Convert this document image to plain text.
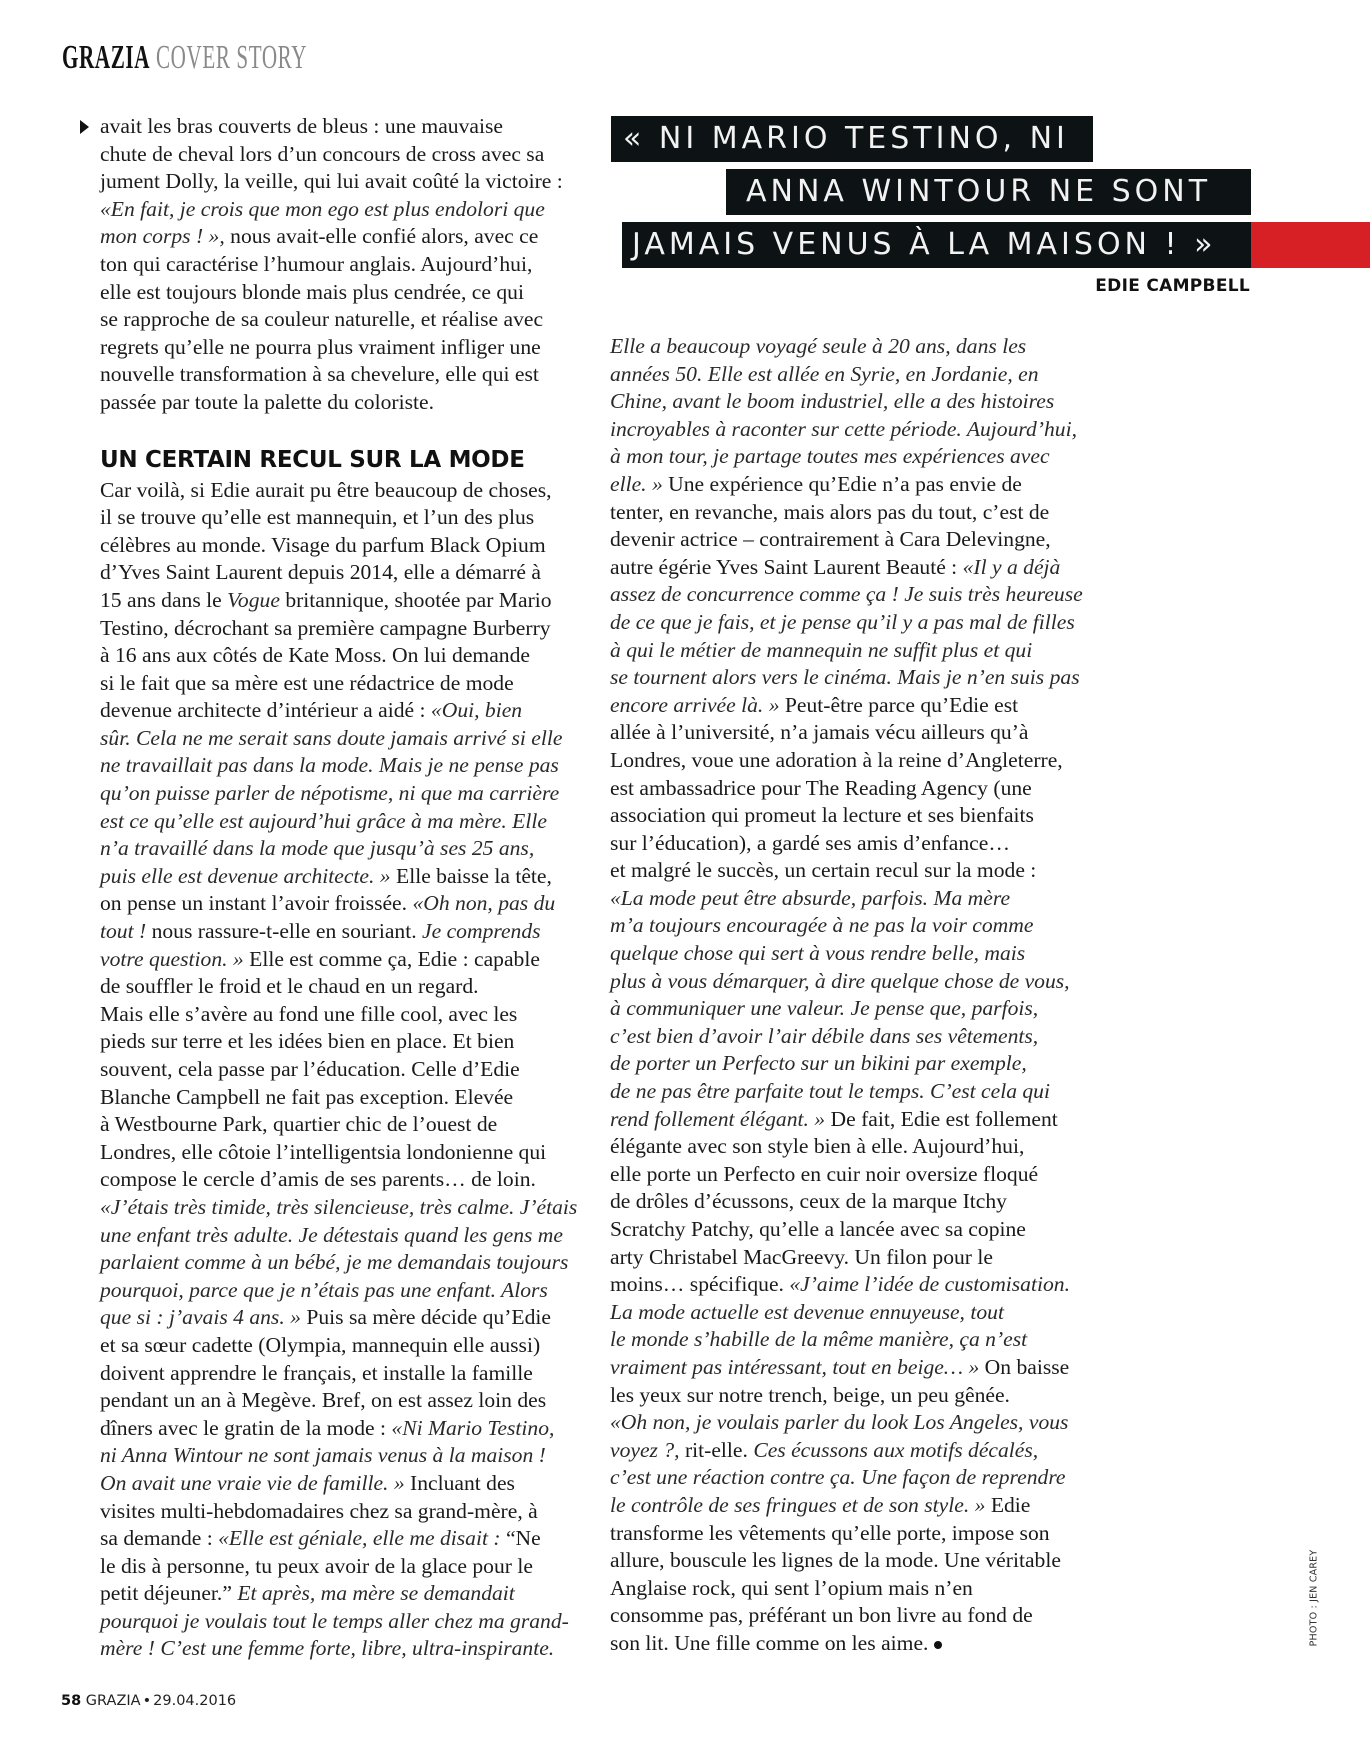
GRAZIA COVER STORY
avait les bras couverts de bleus : une mauvaise
chute de cheval lors d’un concours de cross avec sa
jument Dolly, la veille, qui lui avait coûté la victoire :
«En fait, je crois que mon ego est plus endolori que
mon corps ! », nous avait-elle confié alors, avec ce
ton qui caractérise l’humour anglais. Aujourd’hui,
elle est toujours blonde mais plus cendrée, ce qui
se rapproche de sa couleur naturelle, et réalise avec
regrets qu’elle ne pourra plus vraiment infliger une
nouvelle transformation à sa chevelure, elle qui est
passée par toute la palette du coloriste.
UN CERTAIN RECUL SUR LA MODE
Car voilà, si Edie aurait pu être beaucoup de choses,
il se trouve qu’elle est mannequin, et l’un des plus
célèbres au monde. Visage du parfum Black Opium
d’Yves Saint Laurent depuis 2014, elle a démarré à
15 ans dans le Vogue britannique, shootée par Mario
Testino, décrochant sa première campagne Burberry
à 16 ans aux côtés de Kate Moss. On lui demande
si le fait que sa mère est une rédactrice de mode
devenue architecte d’intérieur a aidé : «Oui, bien
sûr. Cela ne me serait sans doute jamais arrivé si elle
ne travaillait pas dans la mode. Mais je ne pense pas
qu’on puisse parler de népotisme, ni que ma carrière
est ce qu’elle est aujourd’hui grâce à ma mère. Elle
n’a travaillé dans la mode que jusqu’à ses 25 ans,
puis elle est devenue architecte. » Elle baisse la tête,
on pense un instant l’avoir froissée. «Oh non, pas du
tout ! nous rassure-t-elle en souriant. Je comprends
votre question. » Elle est comme ça, Edie : capable
de souffler le froid et le chaud en un regard.
Mais elle s’avère au fond une fille cool, avec les
pieds sur terre et les idées bien en place. Et bien
souvent, cela passe par l’éducation. Celle d’Edie
Blanche Campbell ne fait pas exception. Elevée
à Westbourne Park, quartier chic de l’ouest de
Londres, elle côtoie l’intelligentsia londonienne qui
compose le cercle d’amis de ses parents… de loin.
«J’étais très timide, très silencieuse, très calme. J’étais
une enfant très adulte. Je détestais quand les gens me
parlaient comme à un bébé, je me demandais toujours
pourquoi, parce que je n’étais pas une enfant. Alors
que si : j’avais 4 ans. » Puis sa mère décide qu’Edie
et sa sœur cadette (Olympia, mannequin elle aussi)
doivent apprendre le français, et installe la famille
pendant un an à Megève. Bref, on est assez loin des
dîners avec le gratin de la mode : «Ni Mario Testino,
ni Anna Wintour ne sont jamais venus à la maison !
On avait une vraie vie de famille. » Incluant des
visites multi-hebdomadaires chez sa grand-mère, à
sa demande : «Elle est géniale, elle me disait : “Ne
le dis à personne, tu peux avoir de la glace pour le
petit déjeuner.” Et après, ma mère se demandait
pourquoi je voulais tout le temps aller chez ma grand-
mère ! C’est une femme forte, libre, ultra-inspirante.
« NI MARIO TESTINO, NI
ANNA WINTOUR NE SONT
JAMAIS VENUS À LA MAISON ! »
EDIE CAMPBELL
Elle a beaucoup voyagé seule à 20 ans, dans les
années 50. Elle est allée en Syrie, en Jordanie, en
Chine, avant le boom industriel, elle a des histoires
incroyables à raconter sur cette période. Aujourd’hui,
à mon tour, je partage toutes mes expériences avec
elle. » Une expérience qu’Edie n’a pas envie de
tenter, en revanche, mais alors pas du tout, c’est de
devenir actrice – contrairement à Cara Delevingne,
autre égérie Yves Saint Laurent Beauté : «Il y a déjà
assez de concurrence comme ça ! Je suis très heureuse
de ce que je fais, et je pense qu’il y a pas mal de filles
à qui le métier de mannequin ne suffit plus et qui
se tournent alors vers le cinéma. Mais je n’en suis pas
encore arrivée là. » Peut-être parce qu’Edie est
allée à l’université, n’a jamais vécu ailleurs qu’à
Londres, voue une adoration à la reine d’Angleterre,
est ambassadrice pour The Reading Agency (une
association qui promeut la lecture et ses bienfaits
sur l’éducation), a gardé ses amis d’enfance…
et malgré le succès, un certain recul sur la mode :
«La mode peut être absurde, parfois. Ma mère
m’a toujours encouragée à ne pas la voir comme
quelque chose qui sert à vous rendre belle, mais
plus à vous démarquer, à dire quelque chose de vous,
à communiquer une valeur. Je pense que, parfois,
c’est bien d’avoir l’air débile dans ses vêtements,
de porter un Perfecto sur un bikini par exemple,
de ne pas être parfaite tout le temps. C’est cela qui
rend follement élégant. » De fait, Edie est follement
élégante avec son style bien à elle. Aujourd’hui,
elle porte un Perfecto en cuir noir oversize floqué
de drôles d’écussons, ceux de la marque Itchy
Scratchy Patchy, qu’elle a lancée avec sa copine
arty Christabel MacGreevy. Un filon pour le
moins… spécifique. «J’aime l’idée de customisation.
La mode actuelle est devenue ennuyeuse, tout
le monde s’habille de la même manière, ça n’est
vraiment pas intéressant, tout en beige… » On baisse
les yeux sur notre trench, beige, un peu gênée.
«Oh non, je voulais parler du look Los Angeles, vous
voyez ?, rit-elle. Ces écussons aux motifs décalés,
c’est une réaction contre ça. Une façon de reprendre
le contrôle de ses fringues et de son style. » Edie
transforme les vêtements qu’elle porte, impose son
allure, bouscule les lignes de la mode. Une véritable
Anglaise rock, qui sent l’opium mais n’en
consomme pas, préférant un bon livre au fond de
son lit. Une fille comme on les aime.	PHOTO : JEN CAREY
58 GRAZIA • 29.04.2016
